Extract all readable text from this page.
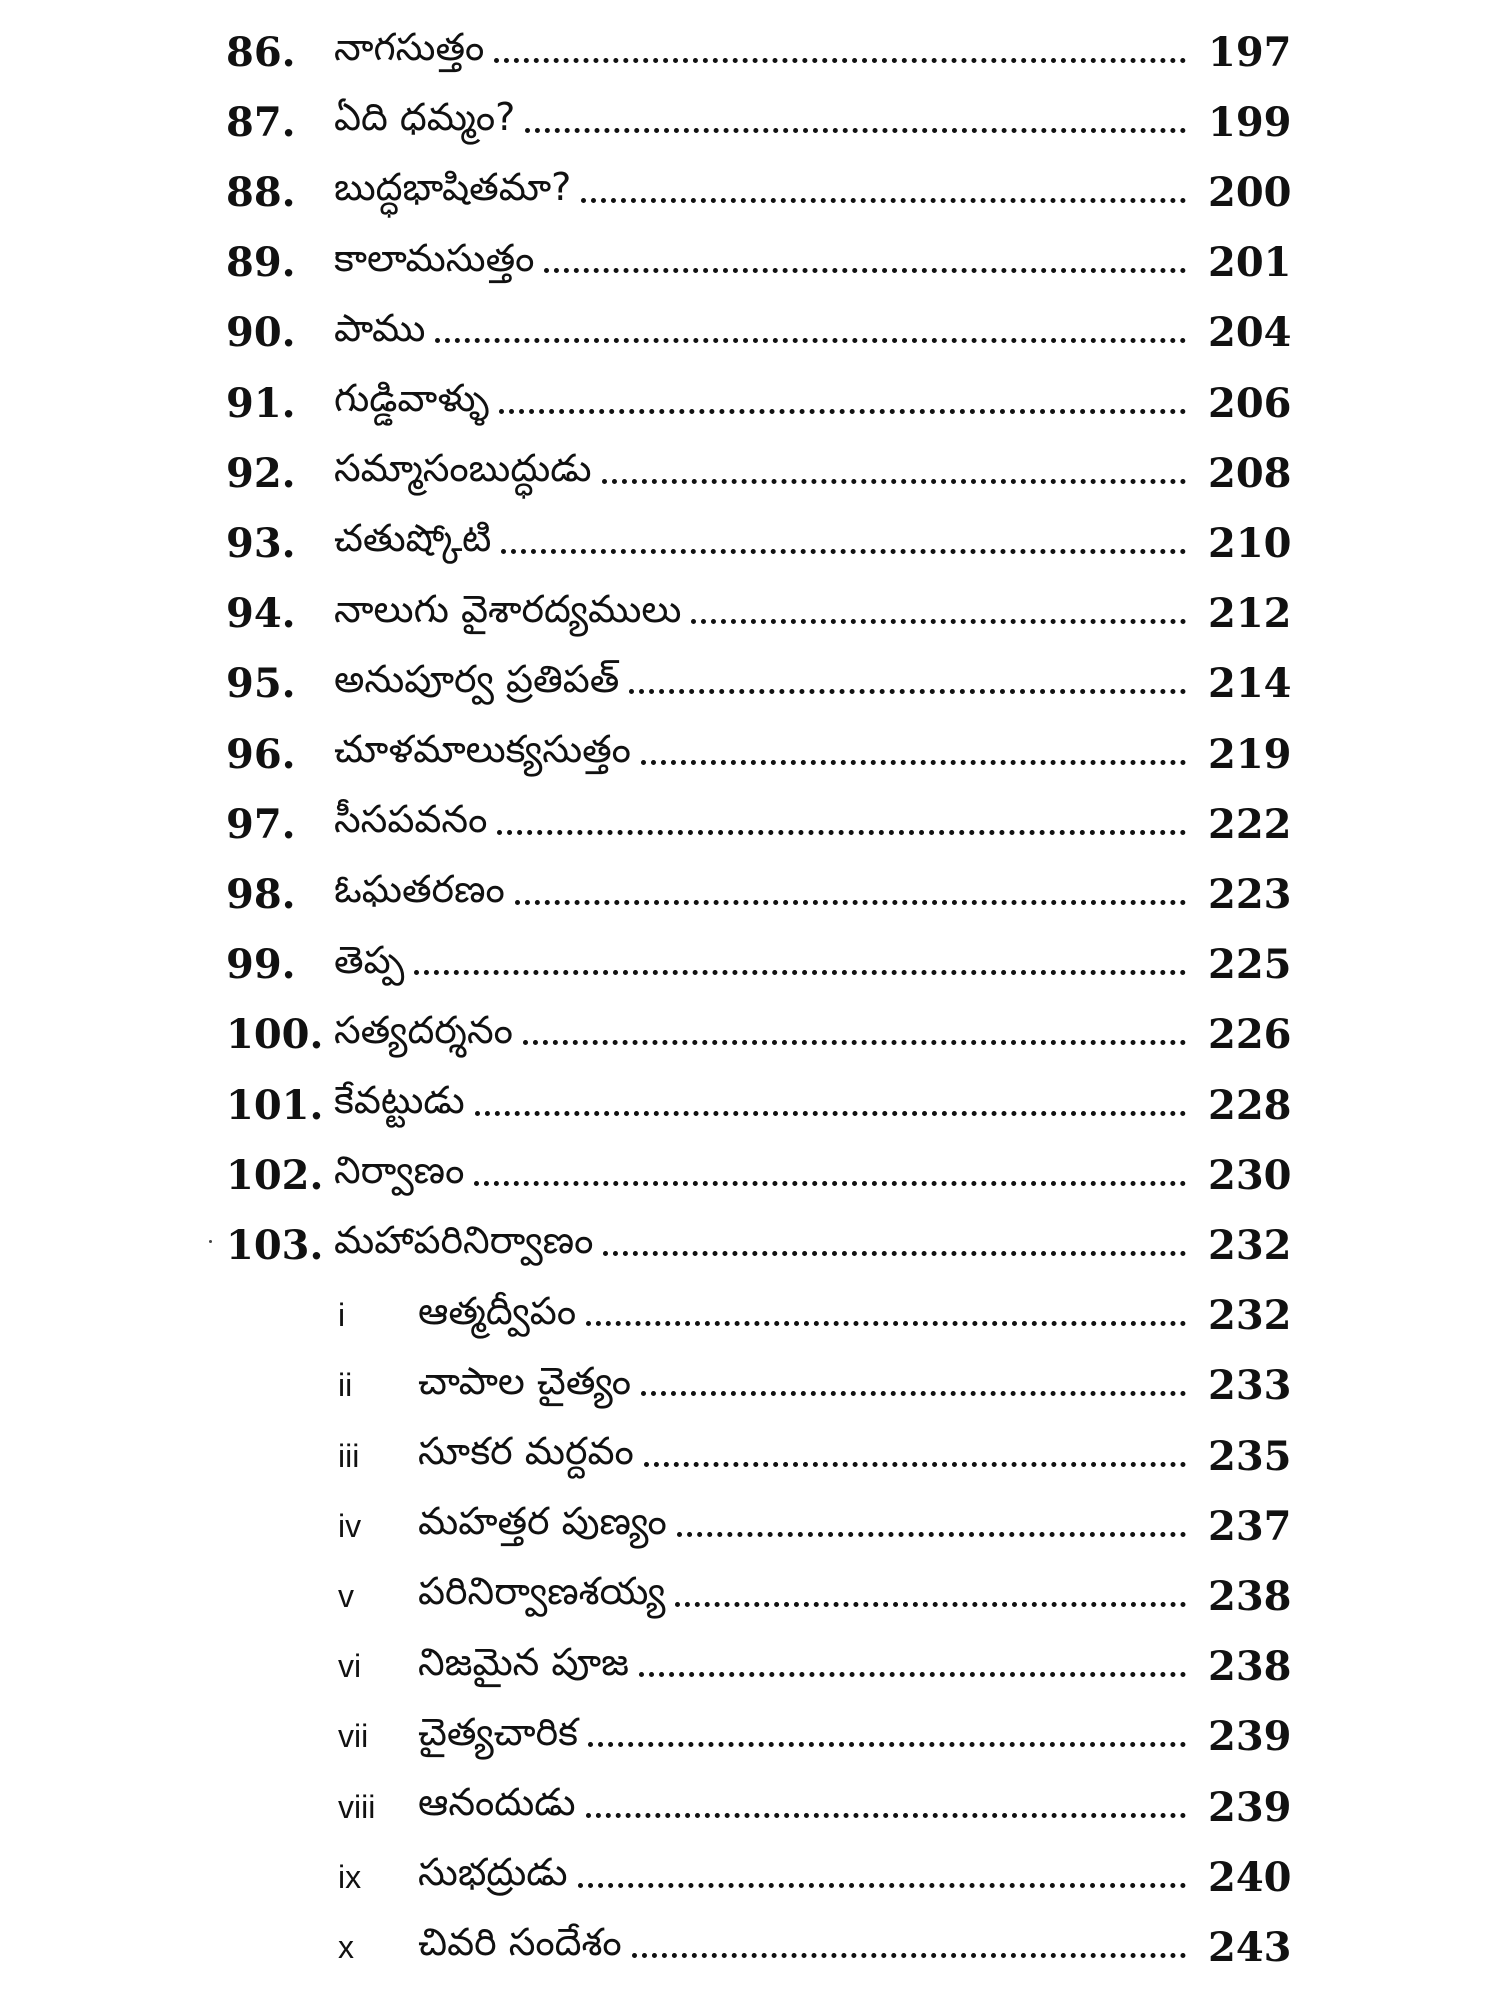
86.	నాగసుత్తం	197
87.	ఏది ధమ్మం?	199
88.	బుద్ధభాషితమా?	200
89.	కాలామసుత్తం	201
90.	పాము	204
91.	గుడ్డివాళ్ళు	206
92.	సమ్మాసంబుద్ధుడు	208
93.	చతుష్కోటి	210
94.	నాలుగు వైశారద్యములు	212
95.	అనుపూర్వ ప్రతిపత్	214
96.	చూళమాలుక్యసుత్తం	219
97.	సీసపవనం	222
98.	ఓఘతరణం	223
99.	తెప్ప	225
100. సత్యదర్శనం	226
101. కేవట్టుడు	228
102. నిర్వాణం	230
103. మహాపరినిర్వాణం	232
i	ఆత్మద్వీపం	232
ii	చాపాల చైత్యం	233
iii	సూకర మర్దవం	235
iv	మహత్తర పుణ్యం	237
v	పరినిర్వాణశయ్య	238
vi	నిజమైన పూజ	238
vii	చైత్యచారిక	239
viii	ఆనందుడు	239
ix	సుభద్రుడు	240
x	చివరి సందేశం	243
